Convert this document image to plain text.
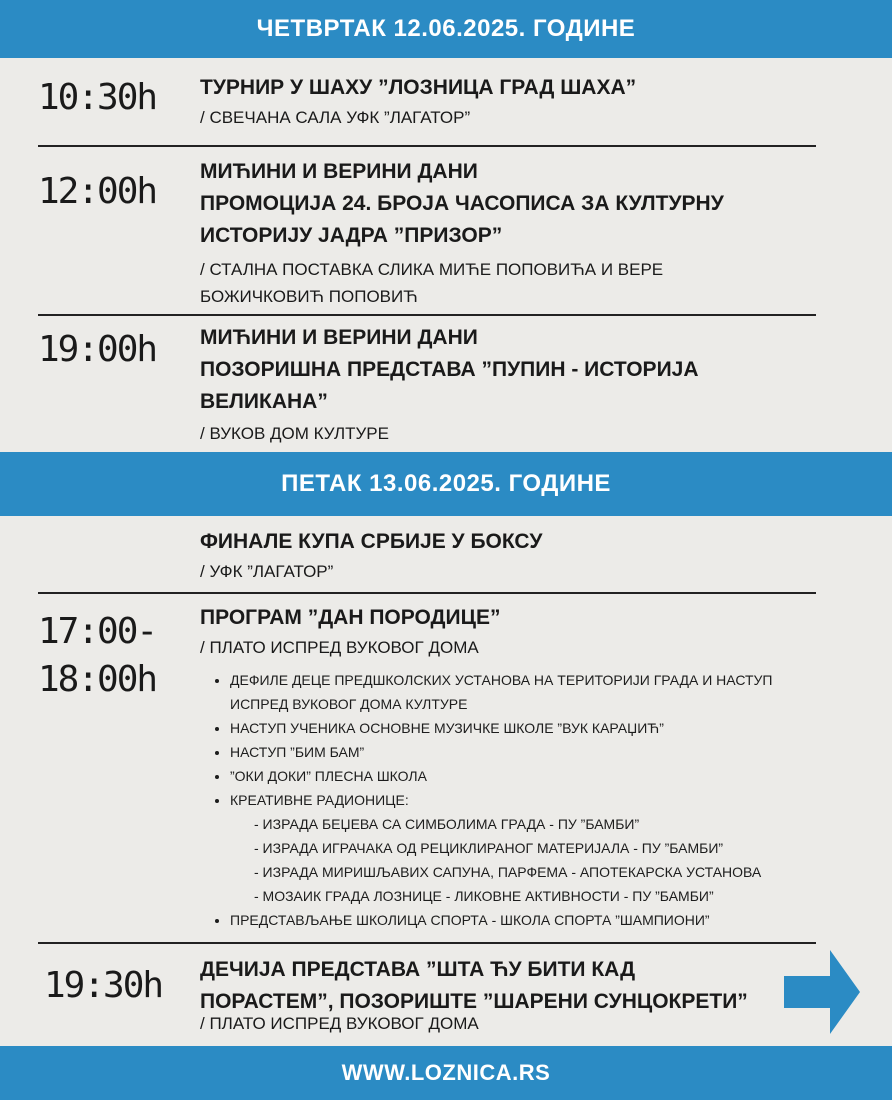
ЧЕТВРТАК 12.06.2025. ГОДИНЕ
10:30h ТУРНИР У ШАХУ ”ЛОЗНИЦА ГРАД ШАХА”
/ СВЕЧАНА САЛА УФК ”ЛАГАТОР”
12:00h МИЋИНИ И ВЕРИНИ ДАНИ
ПРОМОЦИЈА 24. БРОЈА ЧАСОПИСА ЗА КУЛТУРНУ
ИСТОРИЈУ ЈАДРА ”ПРИЗОР”
/ СТАЛНА ПОСТАВКА СЛИКА МИЋЕ ПОПОВИЋА И ВЕРЕ
БОЖИЧКОВИЋ ПОПОВИЋ
19:00h МИЋИНИ И ВЕРИНИ ДАНИ
ПОЗОРИШНА ПРЕДСТАВА ”ПУПИН - ИСТОРИЈА
ВЕЛИКАНА”
/ ВУКОВ ДОМ КУЛТУРЕ
ПЕТАК 13.06.2025. ГОДИНЕ
ФИНАЛЕ КУПА СРБИЈЕ У БОКСУ
/ УФК ”ЛАГАТОР”
17:00-
18:00h
ПРОГРАМ ”ДАН ПОРОДИЦЕ”
/ ПЛАТО ИСПРЕД ВУКОВОГ ДОМА
• ДЕФИЛЕ ДЕЦЕ ПРЕДШКОЛСКИХ УСТАНОВА НА ТЕРИТОРИЈИ ГРАДА И НАСТУП ИСПРЕД ВУКОВОГ ДОМА КУЛТУРЕ
• НАСТУП УЧЕНИКА ОСНОВНЕ МУЗИЧКЕ ШКОЛЕ ”ВУК КАРАЏИЋ”
• НАСТУП ”БИМ БАМ”
• ”ОКИ ДОКИ” ПЛЕСНА ШКОЛА
• КРЕАТИВНЕ РАДИОНИЦЕ:
- ИЗРАДА БЕЏЕВА СА СИМБОЛИМА ГРАДА - ПУ ”БАМБИ”
- ИЗРАДА ИГРАЧАКА ОД РЕЦИКЛИРАНОГ МАТЕРИЈАЛА - ПУ ”БАМБИ”
- ИЗРАДА МИРИШЉАВИХ САПУНА, ПАРФЕМА - АПОТЕКАРСКА УСТАНОВА
- МОЗАИК ГРАДА ЛОЗНИЦЕ - ЛИКОВНЕ АКТИВНОСТИ - ПУ ”БАМБИ”
• ПРЕДСТАВЉАЊЕ ШКОЛИЦА СПОРТА - ШКОЛА СПОРТА ”ШАМПИОНИ”
19:30h ДЕЧИЈА ПРЕДСТАВА ”ШТА ЋУ БИТИ КАД
ПОРАСТЕМ”, ПОЗОРИШТЕ ”ШАРЕНИ СУНЦОКРЕТИ”
/ ПЛАТО ИСПРЕД ВУКОВОГ ДОМА
WWW.LOZNICA.RS
